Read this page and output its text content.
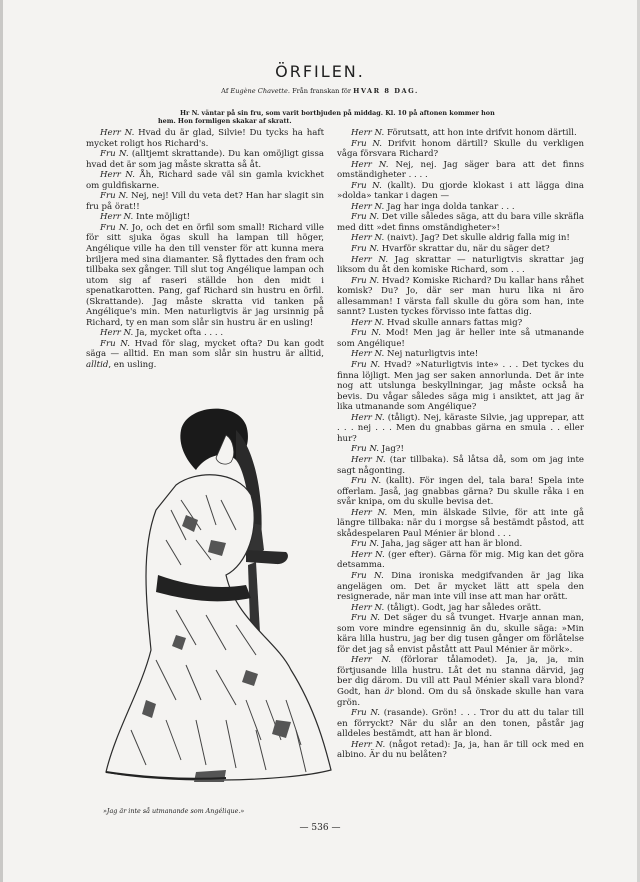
ÖRFILEN.
Af Eugène Chavette. Från franskan för HVAR 8 DAG.
Hr N. väntar på sin fru, som varit bortbjuden på middag. Kl. 10 på aftonen kommer hon
hem. Hon formligen skakar af skratt.

Herr N. Hvad du är glad, Silvie! Du tycks ha haft mycket roligt hos Richard's.

Fru N. (alltjemt skrattande). Du kan omöjligt gissa hvad det är som jag måste skratta så åt.

Herr N. Åh, Richard sade väl sin gamla kvickhet om guldfiskarne.

Fru N. Nej, nej! Vill du veta det? Han har slagit sin fru på örat!!

Herr N. Inte möjligt!

Fru N. Jo, och det en örfil som small! Richard ville för sitt sjuka ögas skull ha lampan till höger, Angélique ville ha den till venster för att kunna mera briljera med sina diamanter. Så flyttades den fram och tillbaka sex gånger. Till slut tog Angélique lampan och utom sig af raseri ställde hon den midt i spenatkarotten. Pang, gaf Richard sin hustru en örfil. (Skrattande). Jag måste skratta vid tanken på Angélique's min. Men naturligtvis är jag ursinnig på Richard, ty en man som slår sin hustru är en usling!

Herr N. Ja, mycket ofta . . . .

Fru N. Hvad för slag, mycket ofta? Du kan godt säga — alltid. En man som slår sin hustru är alltid, alltid, en usling.

Herr N. Förutsatt, att hon inte drifvit honom därtill.

Fru N. Drifvit honom därtill? Skulle du verkligen våga försvara Richard?

Herr N. Nej, nej. Jag säger bara att det finns omständigheter . . . .

Fru N. (kallt). Du gjorde klokast i att lägga dina »dolda» tankar i dagen —

Herr N. Jag har inga dolda tankar . . .

Fru N. Det ville således säga, att du bara ville skräfla med ditt »det finns omständigheter»!

Herr N. (naivt). Jag? Det skulle aldrig falla mig in!

Fru N. Hvarför skrattar du, när du säger det?

Herr N. Jag skrattar — naturligtvis skrattar jag liksom du åt den komiske Richard, som . . .

Fru N. Hvad? Komiske Richard? Du kallar hans råhet komisk? Du? Jo, där ser man huru lika ni äro allesamman! I värsta fall skulle du göra som han, inte sannt? Lusten tyckes förvisso inte fattas dig.

Herr N. Hvad skulle annars fattas mig?

Fru N. Mod! Men jag är heller inte så utmanande som Angélique!

Herr N. Nej naturligtvis inte!

Fru N. Hvad? »Naturligtvis inte» . . . Det tyckes du finna löjligt. Men jag ser saken annorlunda. Det är inte nog att utslunga beskyllningar, jag måste också ha bevis. Du vågar således säga mig i ansiktet, att jag är lika utmanande som Angélique?

Herr N. (tåligt). Nej, käraste Silvie, jag upprepar, att . . . nej . . . Men du gnabbas gärna en smula . . eller hur?

Fru N. Jag?!

Herr N. (tar tillbaka). Så låtsa då, som om jag inte sagt någonting.

Fru N. (kallt). För ingen del, tala bara! Spela inte offerlam. Jaså, jag gnabbas gärna? Du skulle råka i en svår knipa, om du skulle bevisa det.

Herr N. Men, min älskade Silvie, för att inte gå längre tillbaka: när du i morgse så bestämdt påstod, att skådespelaren Paul Ménier är blond . . .

Fru N. Jaha, jag säger att han är blond.

Herr N. (ger efter). Gärna för mig. Mig kan det göra detsamma.

Fru N. Dina ironiska medgifvanden är jag lika angelägen om. Det är mycket lätt att spela den resignerade, när man inte vill inse att man har orätt.

Herr N. (tåligt). Godt, jag har således orätt.

Fru N. Det säger du så tvunget. Hvarje annan man, som vore mindre egensinnig än du, skulle säga: »Min kära lilla hustru, jag ber dig tusen gånger om förlåtelse för det jag så envist påstått att Paul Ménier är mörk».

Herr N. (förlorar tålamodet). Ja, ja, ja, min förtjusande lilla hustru. Låt det nu stanna därvid, jag ber dig därom. Du vill att Paul Ménier skall vara blond? Godt, han är blond. Om du så önskade skulle han vara grön.

Fru N. (rasande). Grön! . . . Tror du att du talar till en förryckt? När du slår an den tonen, påstår jag alldeles bestämdt, att han är blond.

Herr N. (något retad): Ja, ja, han är till ock med en albino. Är du nu belåten?

»Jag är inte så utmanande som Angélique.»
— 536 —
